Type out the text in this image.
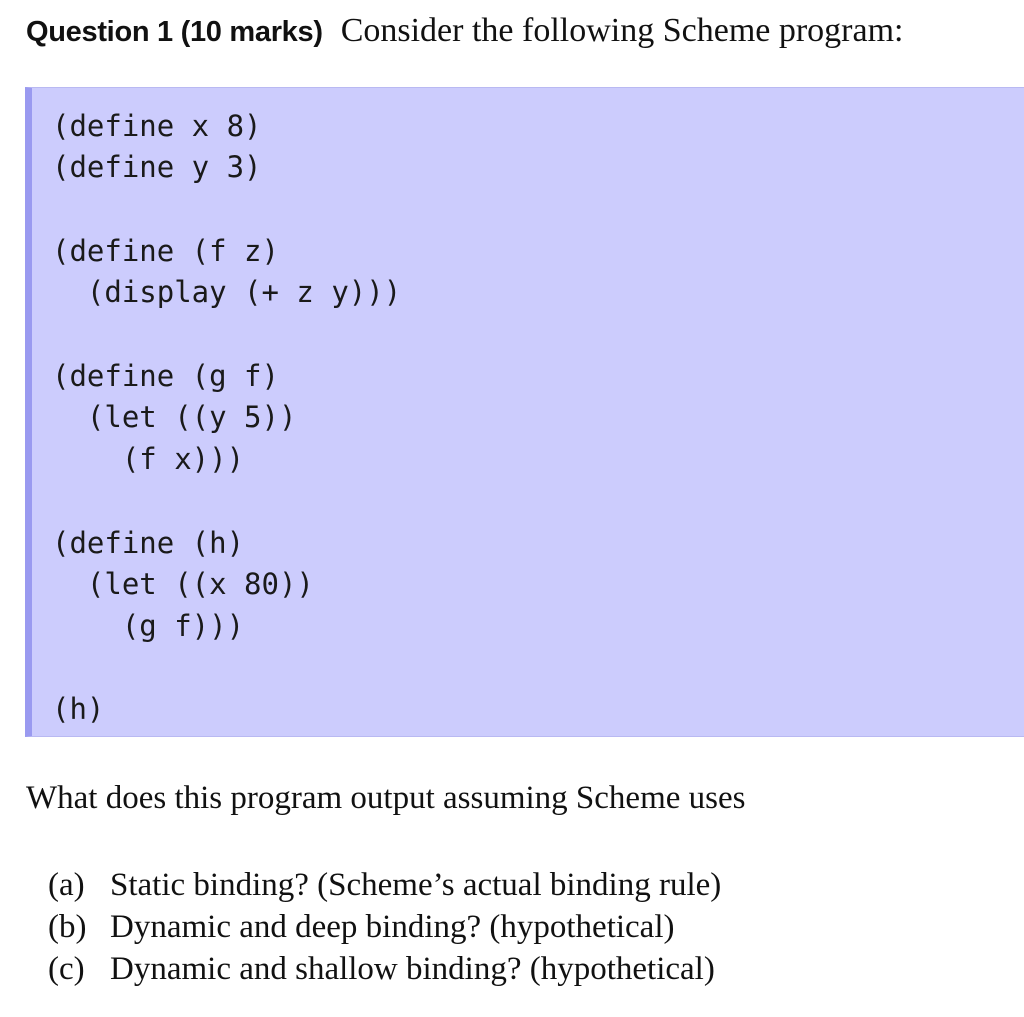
Question 1 (10 marks) Consider the following Scheme program:
(define x 8)
(define y 3)
(define (f z)
(display (+ z y)))
(define (g f)
(let ((y 5))
(f x)))
(define (h)
(let ((x 80))
(g f)))
(h)
What does this program output assuming Scheme uses
(a) Static binding? (Scheme’s actual binding rule)
(b) Dynamic and deep binding? (hypothetical)
(c) Dynamic and shallow binding? (hypothetical)
